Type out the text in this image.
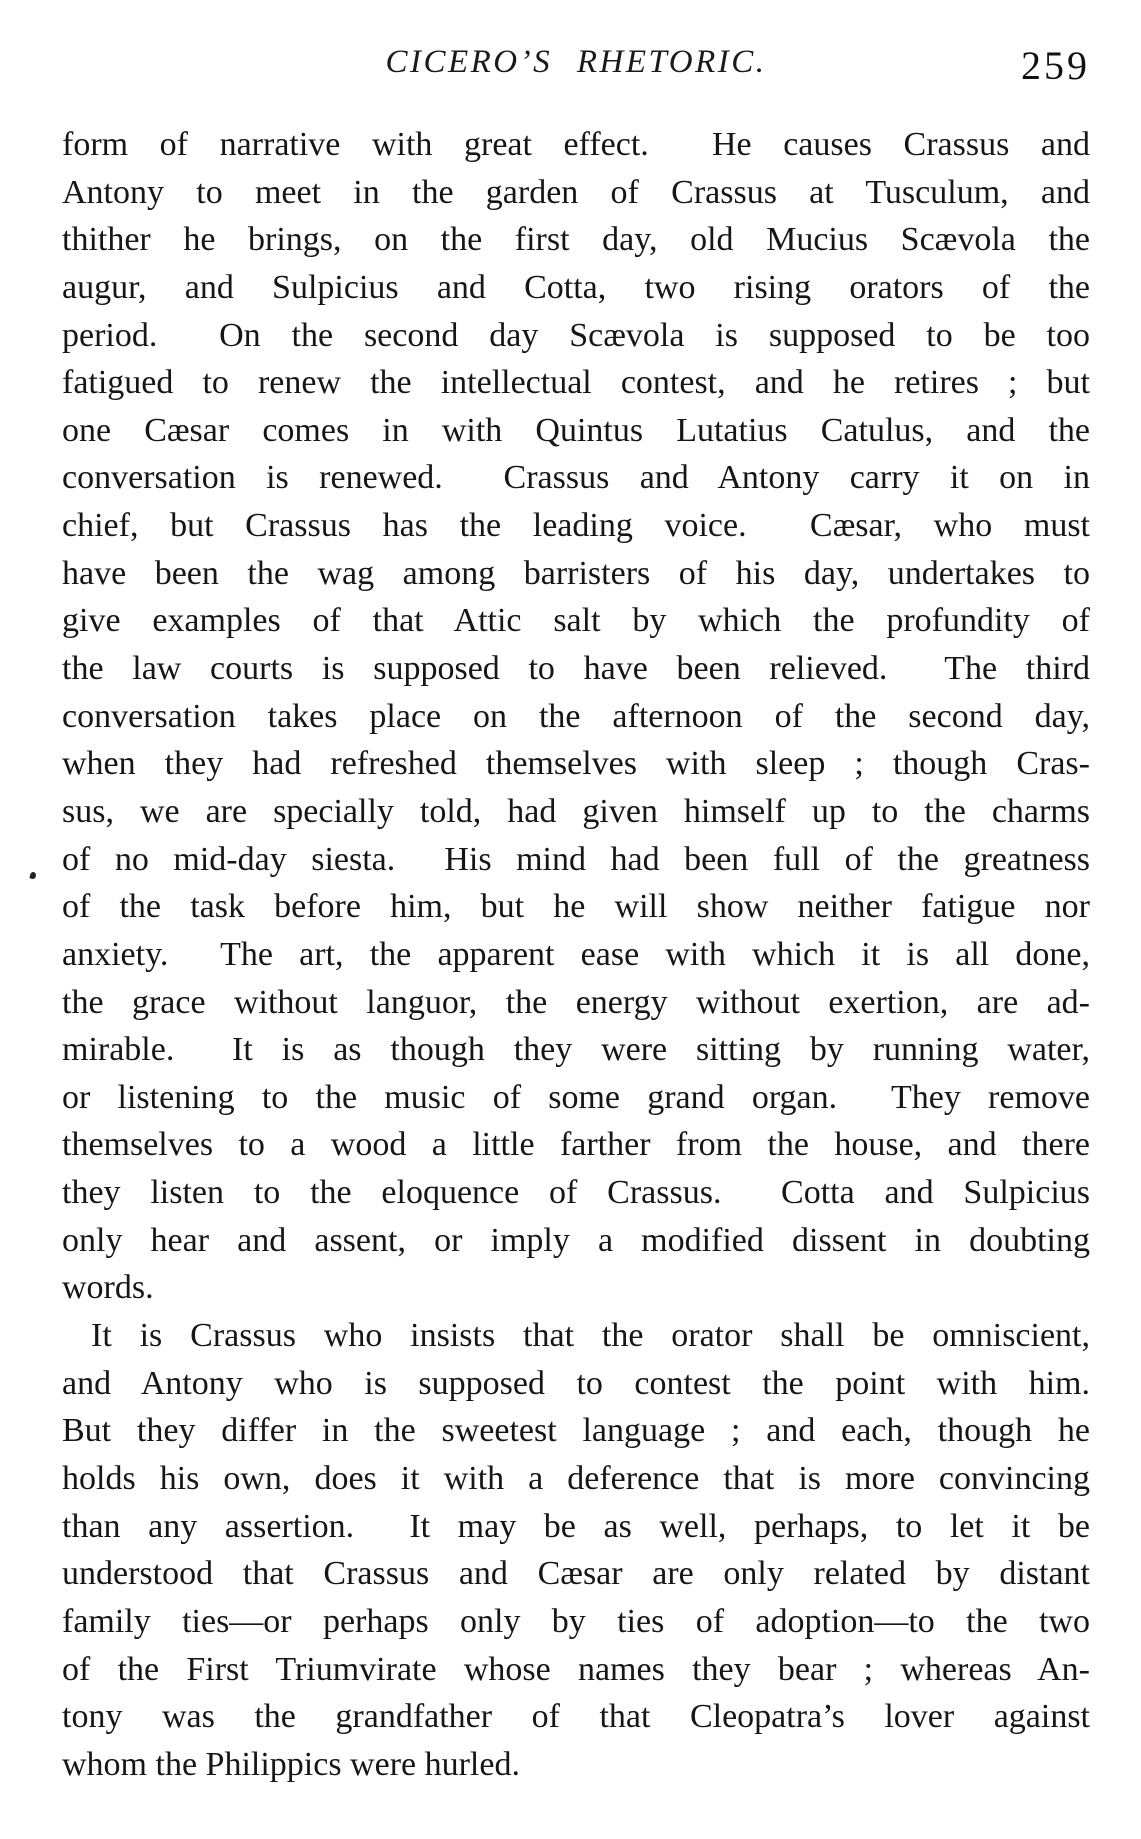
CICERO’S RHETORIC.	259
form of narrative with great effect.  He causes Crassus and
Antony to meet in the garden of Crassus at Tusculum, and
thither he brings, on the first day, old Mucius Scævola the
augur, and Sulpicius and Cotta, two rising orators of the
period.  On the second day Scævola is supposed to be too
fatigued to renew the intellectual contest, and he retires ; but
one Cæsar comes in with Quintus Lutatius Catulus, and the
conversation is renewed.  Crassus and Antony carry it on in
chief, but Crassus has the leading voice.  Cæsar, who must
have been the wag among barristers of his day, undertakes to
give examples of that Attic salt by which the profundity of
the law courts is supposed to have been relieved.  The third
conversation takes place on the afternoon of the second day,
when they had refreshed themselves with sleep ; though Cras-
sus, we are specially told, had given himself up to the charms
of no mid-day siesta.  His mind had been full of the greatness
of the task before him, but he will show neither fatigue nor
anxiety.  The art, the apparent ease with which it is all done,
the grace without languor, the energy without exertion, are ad-
mirable.  It is as though they were sitting by running water,
or listening to the music of some grand organ.  They remove
themselves to a wood a little farther from the house, and there
they listen to the eloquence of Crassus.  Cotta and Sulpicius
only hear and assent, or imply a modified dissent in doubting
words.
It is Crassus who insists that the orator shall be omniscient,
and Antony who is supposed to contest the point with him.
But they differ in the sweetest language ; and each, though he
holds his own, does it with a deference that is more convincing
than any assertion.  It may be as well, perhaps, to let it be
understood that Crassus and Cæsar are only related by distant
family ties—or perhaps only by ties of adoption—to the two
of the First Triumvirate whose names they bear ; whereas An-
tony was the grandfather of that Cleopatra’s lover against
whom the Philippics were hurled.
